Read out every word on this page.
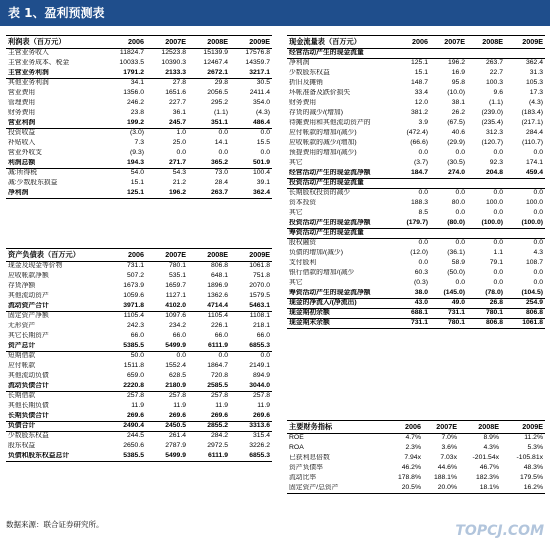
表 1、盈利预测表
利润表（百万元）	2006	2007E	2008E	2009E
主营业务收入	11824.7	12523.8	15139.9	17576.8
主营业务成本、税金	10033.5	10390.3	12467.4	14359.7
主营业务利润	1791.2	2133.3	2672.1	3217.1
其他业务利润	34.1	27.8	29.8	30.5
营业费用	1356.0	1651.6	2056.5	2411.4
管理费用	246.2	227.7	295.2	354.0
财务费用	23.8	36.1	(1.1)	(4.3)
营业利润	199.2	245.7	351.1	486.4
投资收益	(3.0)	1.0	0.0	0.0
补贴收入	7.3	25.0	14.1	15.5
营业外收支	(9.3)	0.0	0.0	0.0
利润总额	194.3	271.7	365.2	501.9
减:所得税	54.0	54.3	73.0	100.4
减:少数股东损益	15.1	21.2	28.4	39.1
净利润	125.1	196.2	263.7	362.4
资产负债表（百万元）	2006	2007E	2008E	2009E
现金及现金等价物	731.1	780.1	806.8	1061.8
应收帐款净额	507.2	535.1	648.1	751.8
存货净额	1673.9	1659.7	1896.9	2070.0
其他流动资产	1059.6	1127.1	1362.6	1579.5
流动资产合计	3971.8	4102.0	4714.4	5463.1
固定资产净额	1105.4	1097.6	1105.4	1108.1
无形资产	242.3	234.2	226.1	218.1
其它长期资产	66.0	66.0	66.0	66.0
资产总计	5385.5	5499.9	6111.9	6855.3
短期借款	50.0	0.0	0.0	0.0
应付帐款	1511.8	1552.4	1864.7	2149.1
其他流动负债	659.0	628.5	720.8	894.9
流动负债合计	2220.8	2180.9	2585.5	3044.0
长期借款	257.8	257.8	257.8	257.8
其他长期负债	11.9	11.9	11.9	11.9
长期负债合计	269.6	269.6	269.6	269.6
负债合计	2490.4	2450.5	2855.2	3313.6
少数股东权益	244.5	261.4	284.2	315.4
股东权益	2650.6	2787.9	2972.5	3226.2
负债和股东权益总计	5385.5	5499.9	6111.9	6855.3
现金流量表（百万元）	2006	2007E	2008E	2009E
经营活动产生的现金流量				
净利润	125.1	196.2	263.7	362.4
少数股东权益	15.1	16.9	22.7	31.3
折旧及摊销	148.7	95.8	100.3	105.3
坏帐准备及跌价损失	33.4	(10.0)	9.6	17.3
财务费用	12.0	38.1	(1.1)	(4.3)
存货的减少/(增加)	381.2	26.2	(239.0)	(183.4)
待摊费用和其他流动资产的	3.9	(67.5)	(235.4)	(217.1)
应付帐款的增加/(减少)	(472.4)	40.6	312.3	284.4
应收帐款的减少/(增加)	(66.6)	(29.9)	(120.7)	(110.7)
预提费用的增加/(减少)	0.0	0.0	0.0	0.0
其它	(3.7)	(30.5)	92.3	174.1
经营活动产生的现金流净额	184.7	274.0	204.8	459.4
投资活动产生的现金流量				
长期股权投资的减少	0.0	0.0	0.0	0.0
资本投资	188.3	80.0	100.0	100.0
其它	8.5	0.0	0.0	0.0
投资活动产生的现金流净额	(179.7)	(80.0)	(100.0)	(100.0)
筹资活动产生的现金流量				
股权融资	0.0	0.0	0.0	0.0
负债的增加/(减少)	(12.0)	(36.1)	1.1	4.3
支付股利	0.0	58.9	79.1	108.7
银行借款的增加/(减少	60.3	(50.0)	0.0	0.0
其它	(0.3)	0.0	0.0	0.0
筹资活动产生的现金流净额	38.0	(145.0)	(78.0)	(104.5)
现金的净流入/(净流出)	43.0	49.0	26.8	254.9
现金期初余额	688.1	731.1	780.1	806.8
现金期末余额	731.1	780.1	806.8	1061.8
主要财务指标	2006	2007E	2008E	2009E
ROE	4.7%	7.0%	8.9%	11.2%
ROA	2.3%	3.6%	4.3%	5.3%
已获利息倍数	7.94x	7.03x	-201.54x	-105.81x
资产负债率	46.2%	44.6%	46.7%	48.3%
流动比率	178.8%	188.1%	182.3%	179.5%
固定资产/总资产	20.5%	20.0%	18.1%	16.2%
数据来源：联合证券研究所。	TOPCJ.COM
